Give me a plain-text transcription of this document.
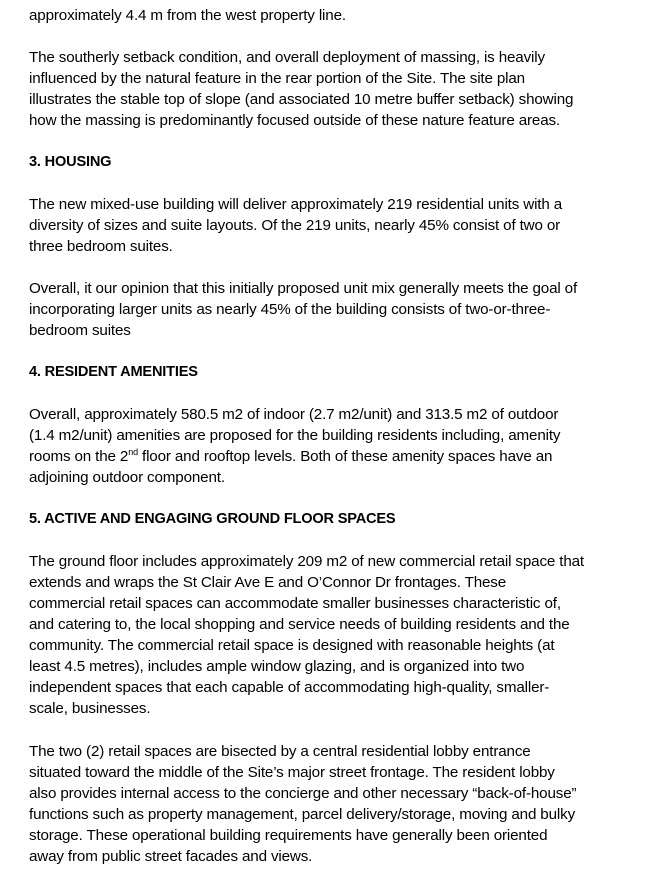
approximately 4.4 m from the west property line.
The southerly setback condition, and overall deployment of massing, is heavily
influenced by the natural feature in the rear portion of the Site. The site plan
illustrates the stable top of slope (and associated 10 metre buffer setback) showing
how the massing is predominantly focused outside of these nature feature areas.
3. HOUSING
The new mixed-use building will deliver approximately 219 residential units with a
diversity of sizes and suite layouts. Of the 219 units, nearly 45% consist of two or
three bedroom suites.
Overall, it our opinion that this initially proposed unit mix generally meets the goal of
incorporating larger units as nearly 45% of the building consists of two-or-three-
bedroom suites
4. RESIDENT AMENITIES
Overall, approximately 580.5 m2 of indoor (2.7 m2/unit) and 313.5 m2 of outdoor
(1.4 m2/unit) amenities are proposed for the building residents including, amenity
rooms on the 2nd floor and rooftop levels. Both of these amenity spaces have an
adjoining outdoor component.
5. ACTIVE AND ENGAGING GROUND FLOOR SPACES
The ground floor includes approximately 209 m2 of new commercial retail space that
extends and wraps the St Clair Ave E and O’Connor Dr frontages. These
commercial retail spaces can accommodate smaller businesses characteristic of,
and catering to, the local shopping and service needs of building residents and the
community. The commercial retail space is designed with reasonable heights (at
least 4.5 metres), includes ample window glazing, and is organized into two
independent spaces that each capable of accommodating high-quality, smaller-
scale, businesses.
The two (2) retail spaces are bisected by a central residential lobby entrance
situated toward the middle of the Site’s major street frontage. The resident lobby
also provides internal access to the concierge and other necessary “back-of-house”
functions such as property management, parcel delivery/storage, moving and bulky
storage. These operational building requirements have generally been oriented
away from public street facades and views.
